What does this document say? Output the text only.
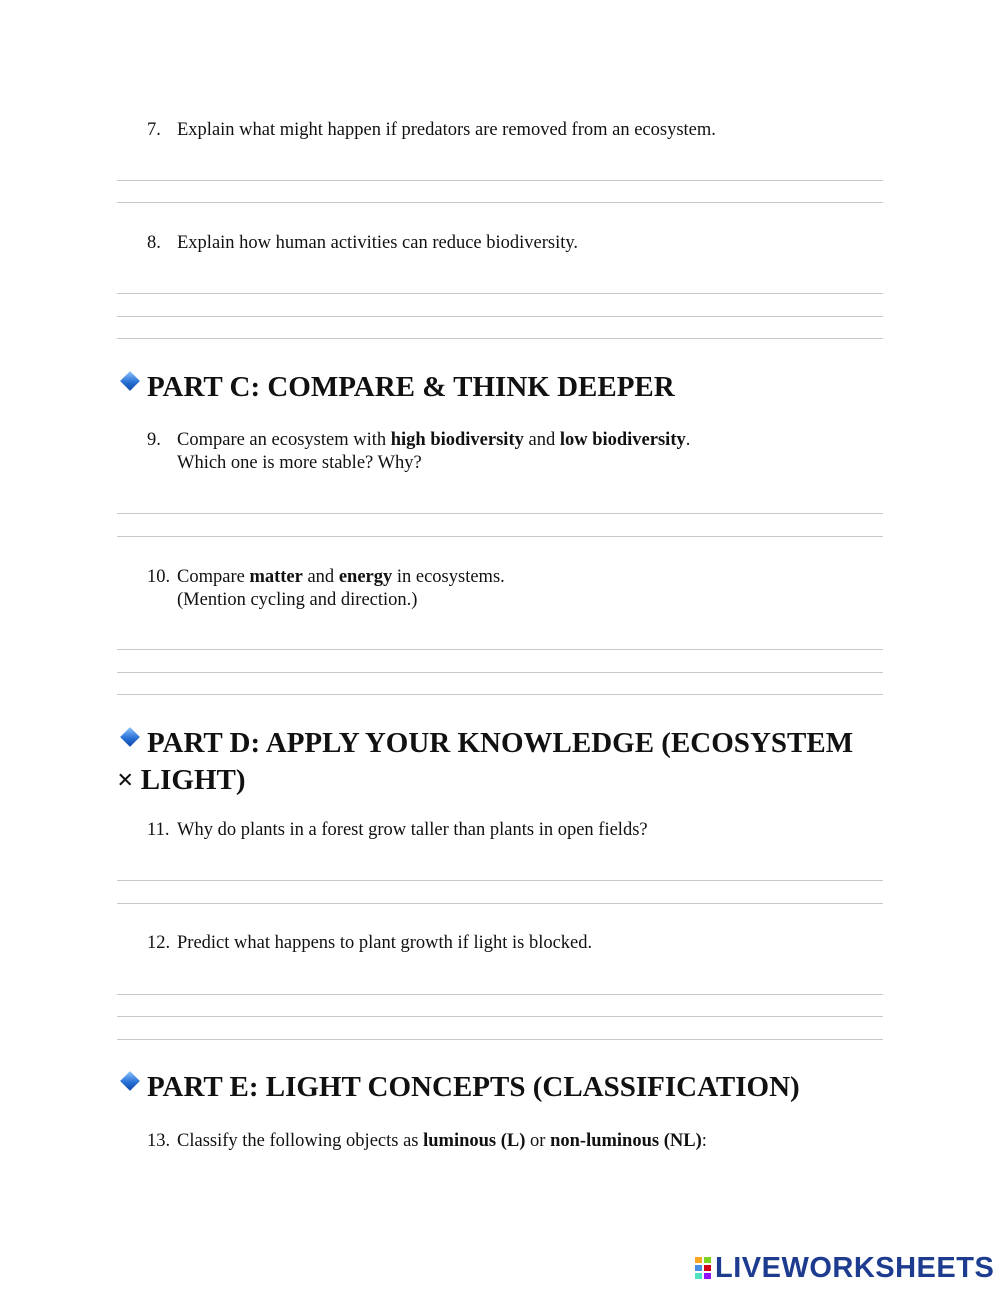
7. Explain what might happen if predators are removed from an ecosystem.
8. Explain how human activities can reduce biodiversity.
PART C: COMPARE & THINK DEEPER
9. Compare an ecosystem with high biodiversity and low biodiversity.
Which one is more stable? Why?
10. Compare matter and energy in ecosystems.
(Mention cycling and direction.)
PART D: APPLY YOUR KNOWLEDGE (ECOSYSTEM
× LIGHT)
11. Why do plants in a forest grow taller than plants in open fields?
12. Predict what happens to plant growth if light is blocked.
PART E: LIGHT CONCEPTS (CLASSIFICATION)
13. Classify the following objects as luminous (L) or non-luminous (NL):
LIVEWORKSHEETS
